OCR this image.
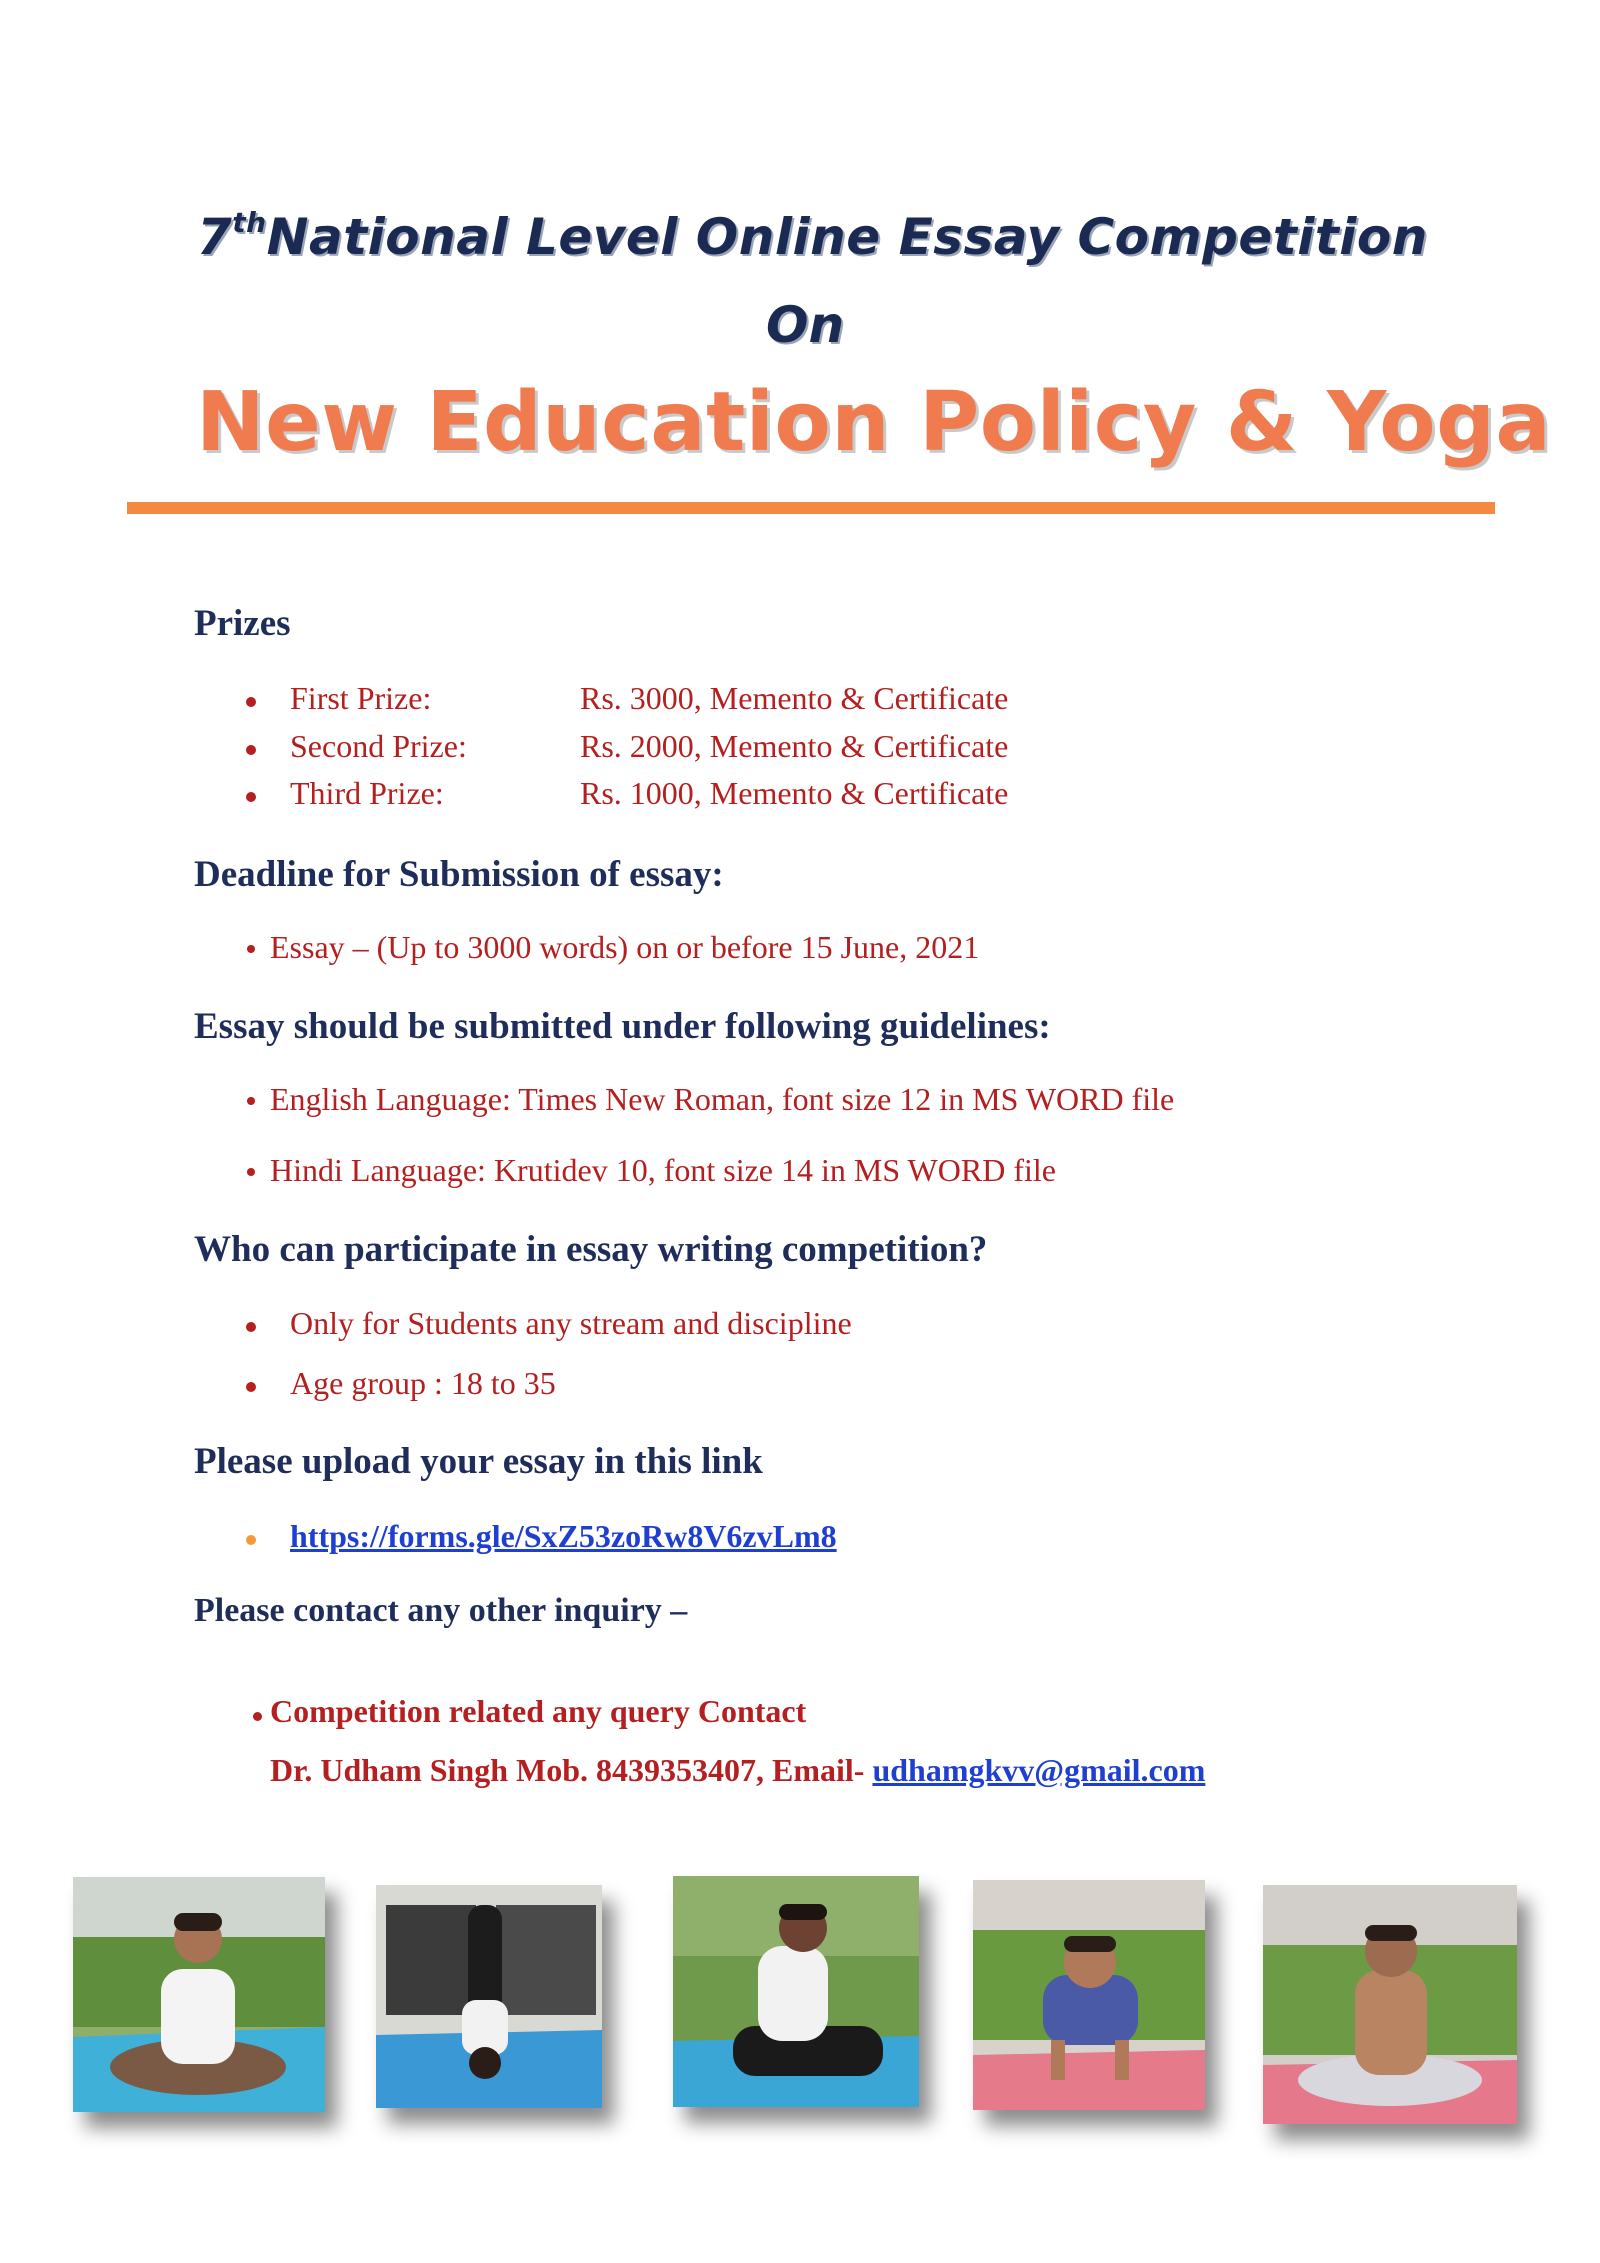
7thNational Level Online Essay Competition
On
New Education Policy & Yoga
Prizes
First Prize:	Rs. 3000, Memento & Certificate
Second Prize:	Rs. 2000, Memento & Certificate
Third Prize:	Rs. 1000, Memento & Certificate
Deadline for Submission of essay:
Essay – (Up to 3000 words) on or before 15 June, 2021
Essay should be submitted under following guidelines:
English Language: Times New Roman, font size 12 in MS WORD file
Hindi Language: Krutidev 10, font size 14 in MS WORD file
Who can participate in essay writing competition?
Only for Students any stream and discipline
Age group : 18 to 35
Please upload your essay in this link
https://forms.gle/SxZ53zoRw8V6zvLm8
Please contact any other inquiry –
Competition related any query Contact
Dr. Udham Singh Mob. 8439353407, Email- udhamgkvv@gmail.com
